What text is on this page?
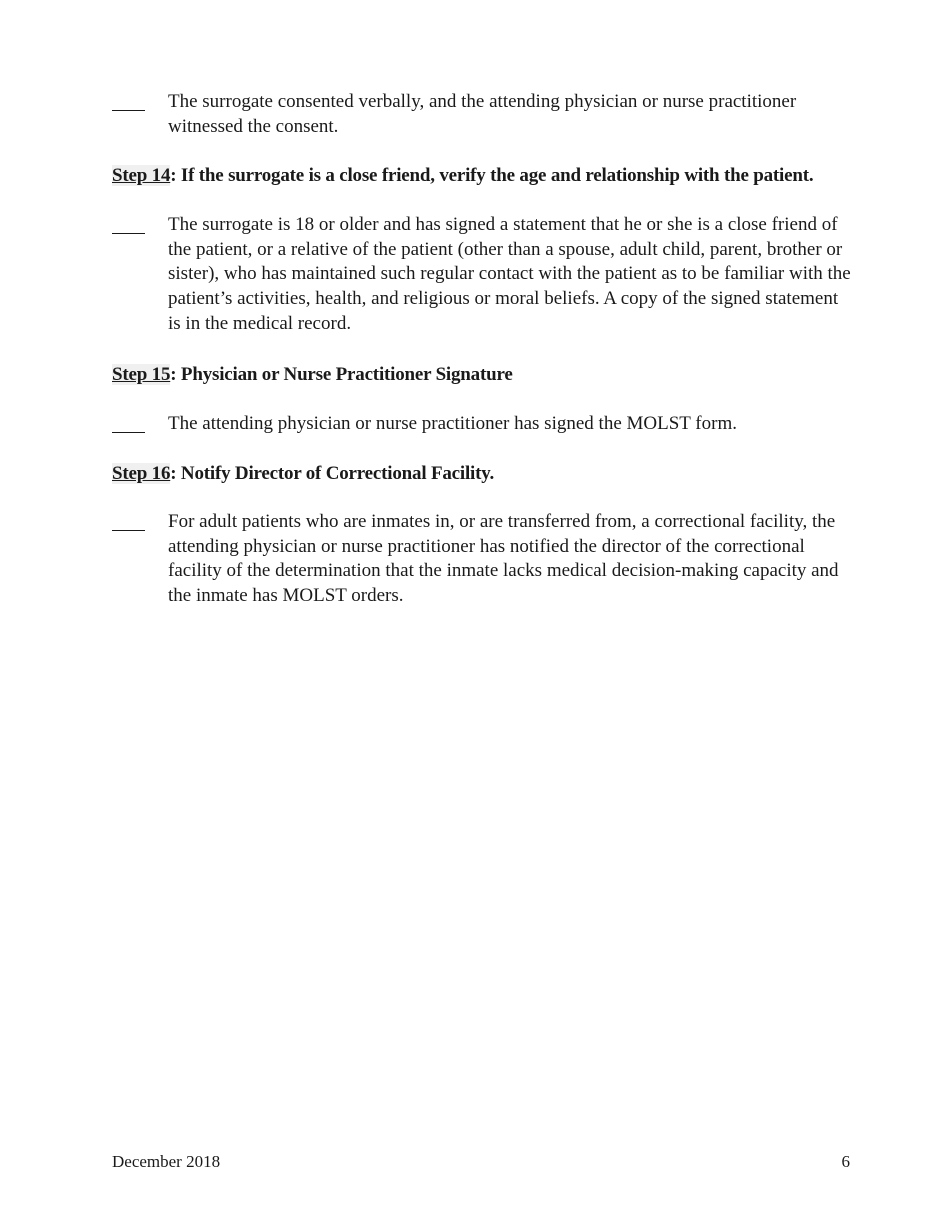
The surrogate consented verbally, and the attending physician or nurse practitioner witnessed the consent.
Step 14: If the surrogate is a close friend, verify the age and relationship with the patient.
The surrogate is 18 or older and has signed a statement that he or she is a close friend of the patient, or a relative of the patient (other than a spouse, adult child, parent, brother or sister), who has maintained such regular contact with the patient as to be familiar with the patient’s activities, health, and religious or moral beliefs. A copy of the signed statement is in the medical record.
Step 15: Physician or Nurse Practitioner Signature
The attending physician or nurse practitioner has signed the MOLST form.
Step 16: Notify Director of Correctional Facility.
For adult patients who are inmates in, or are transferred from, a correctional facility, the attending physician or nurse practitioner has notified the director of the correctional facility of the determination that the inmate lacks medical decision-making capacity and the inmate has MOLST orders.
December 2018	6
